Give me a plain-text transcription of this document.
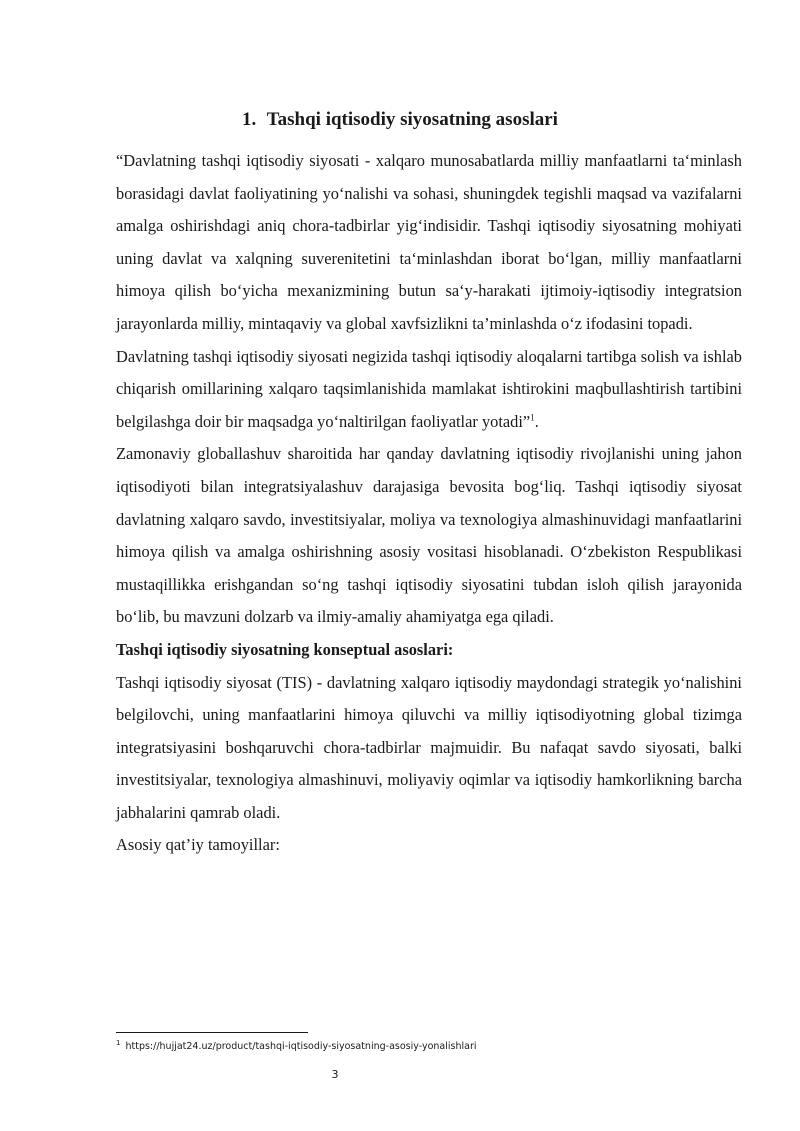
1. Tashqi iqtisodiy siyosatning asoslari

“Davlatning tashqi iqtisodiy siyosati - xalqaro munosabatlarda milliy manfaatlarni ta‘minlash borasidagi davlat faoliyatining yo‘nalishi va sohasi, shuningdek tegishli maqsad va vazifalarni amalga oshirishdagi aniq chora-tadbirlar yig‘indisidir. Tashqi iqtisodiy siyosatning mohiyati uning davlat va xalqning suverenitetini ta‘minlashdan iborat bo‘lgan, milliy manfaatlarni himoya qilish bo‘yicha mexanizmining butun sa‘y-harakati ijtimoiy-iqtisodiy integratsion jarayonlarda milliy, mintaqaviy va global xavfsizlikni ta’minlashda o‘z ifodasini topadi.

Davlatning tashqi iqtisodiy siyosati negizida tashqi iqtisodiy aloqalarni tartibga solish va ishlab chiqarish omillarining xalqaro taqsimlanishida mamlakat ishtirokini maqbullashtirish tartibini belgilashga doir bir maqsadga yo‘naltirilgan faoliyatlar yotadi”$^1$.

Zamonaviy globallashuv sharoitida har qanday davlatning iqtisodiy rivojlanishi uning jahon iqtisodiyoti bilan integratsiyalashuv darajasiga bevosita bog‘liq. Tashqi iqtisodiy siyosat davlatning xalqaro savdo, investitsiyalar, moliya va texnologiya almashinuvidagi manfaatlarini himoya qilish va amalga oshirishning asosiy vositasi hisoblanadi. O‘zbekiston Respublikasi mustaqillikka erishgandan so‘ng tashqi iqtisodiy siyosatini tubdan isloh qilish jarayonida bo‘lib, bu mavzuni dolzarb va ilmiy-amaliy ahamiyatga ega qiladi.

Tashqi iqtisodiy siyosatning konseptual asoslari:

Tashqi iqtisodiy siyosat (TIS) - davlatning xalqaro iqtisodiy maydondagi strategik yo‘nalishini belgilovchi, uning manfaatlarini himoya qiluvchi va milliy iqtisodiyotning global tizimga integratsiyasini boshqaruvchi chora-tadbirlar majmuidir. Bu nafaqat savdo siyosati, balki investitsiyalar, texnologiya almashinuvi, moliyaviy oqimlar va iqtisodiy hamkorlikning barcha jabhalarini qamrab oladi.

Asosiy qat’iy tamoyillar:

$^1$ https://hujjat24.uz/product/tashqi-iqtisodiy-siyosatning-asosiy-yonalishlari
3
